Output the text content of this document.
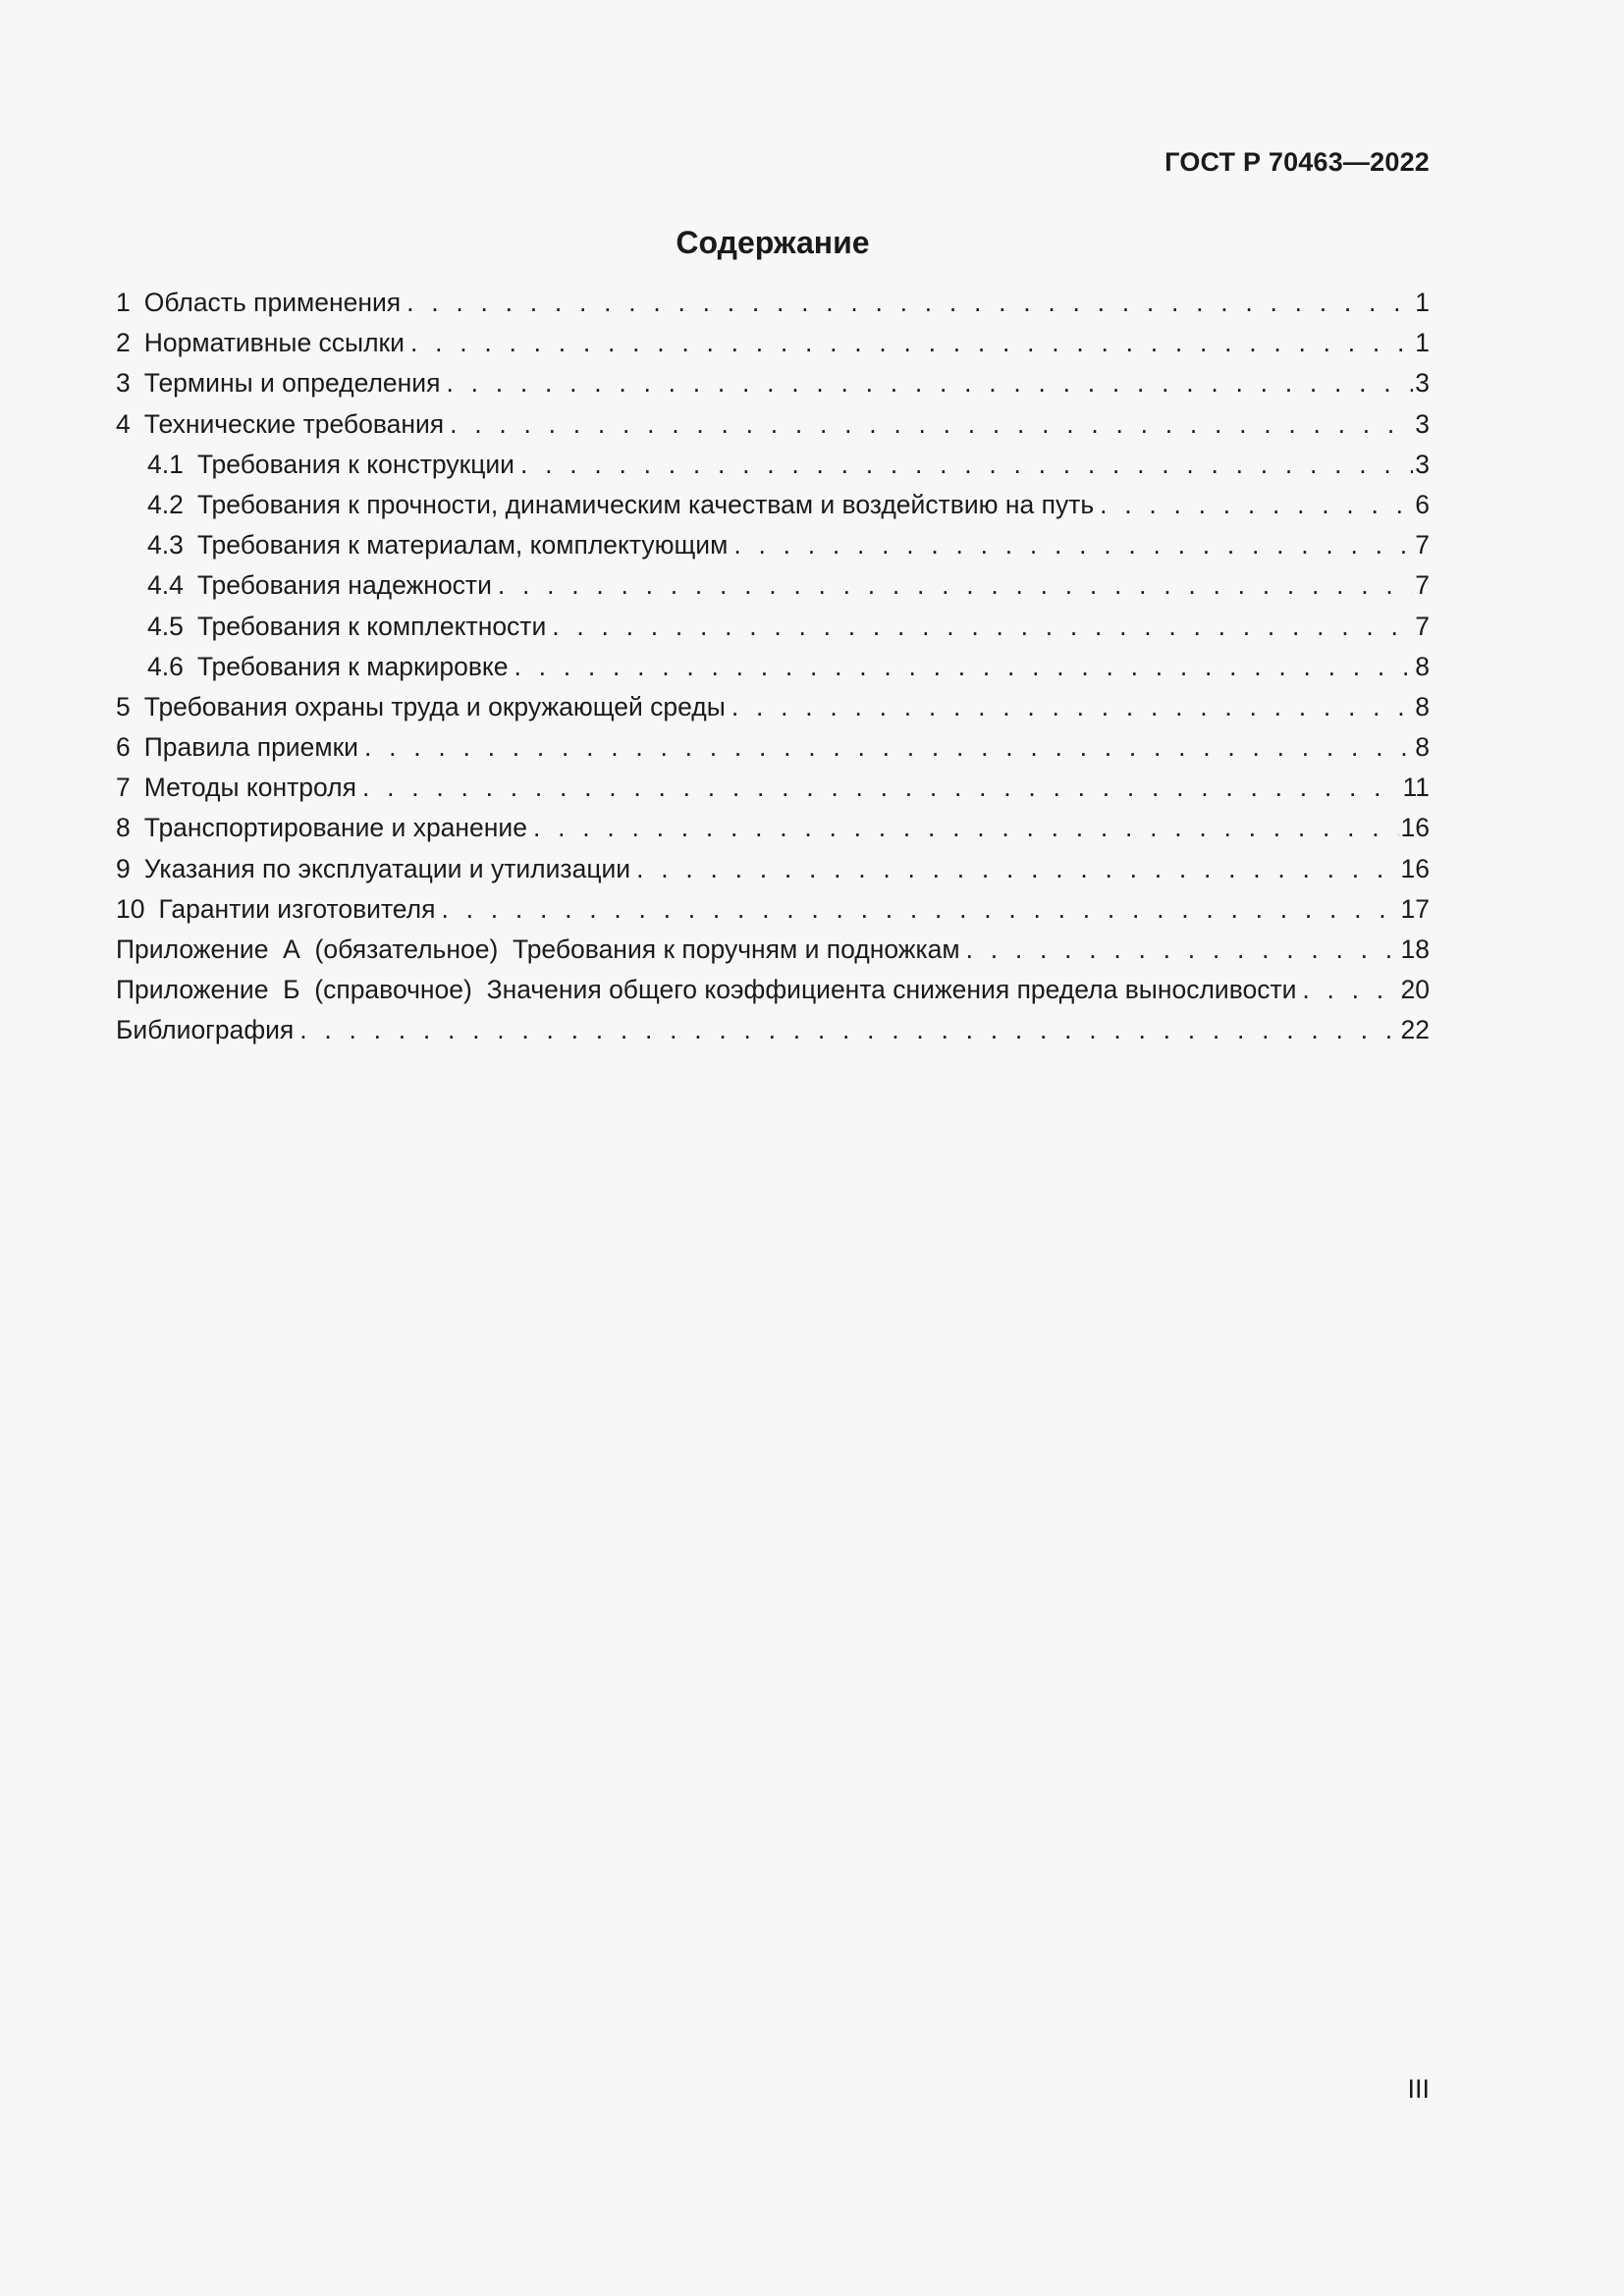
ГОСТ Р 70463—2022
Содержание
1 Область применения . . .	1
2 Нормативные ссылки . . .	1
3 Термины и определения . . .	3
4 Технические требования . . .	3
4.1 Требования к конструкции . . .	3
4.2 Требования к прочности, динамическим качествам и воздействию на путь . . .	6
4.3 Требования к материалам, комплектующим . . .	7
4.4 Требования надежности . . .	7
4.5 Требования к комплектности . . .	7
4.6 Требования к маркировке . . .	8
5 Требования охраны труда и окружающей среды . . .	8
6 Правила приемки . . .	8
7 Методы контроля . . .	11
8 Транспортирование и хранение . . .	16
9 Указания по эксплуатации и утилизации . . .	16
10 Гарантии изготовителя . . .	17
Приложение  А  (обязательное)  Требования к поручням и подножкам . . .	18
Приложение  Б  (справочное)  Значения общего коэффициента снижения предела выносливости . . .	20
Библиография . . .	22
III
